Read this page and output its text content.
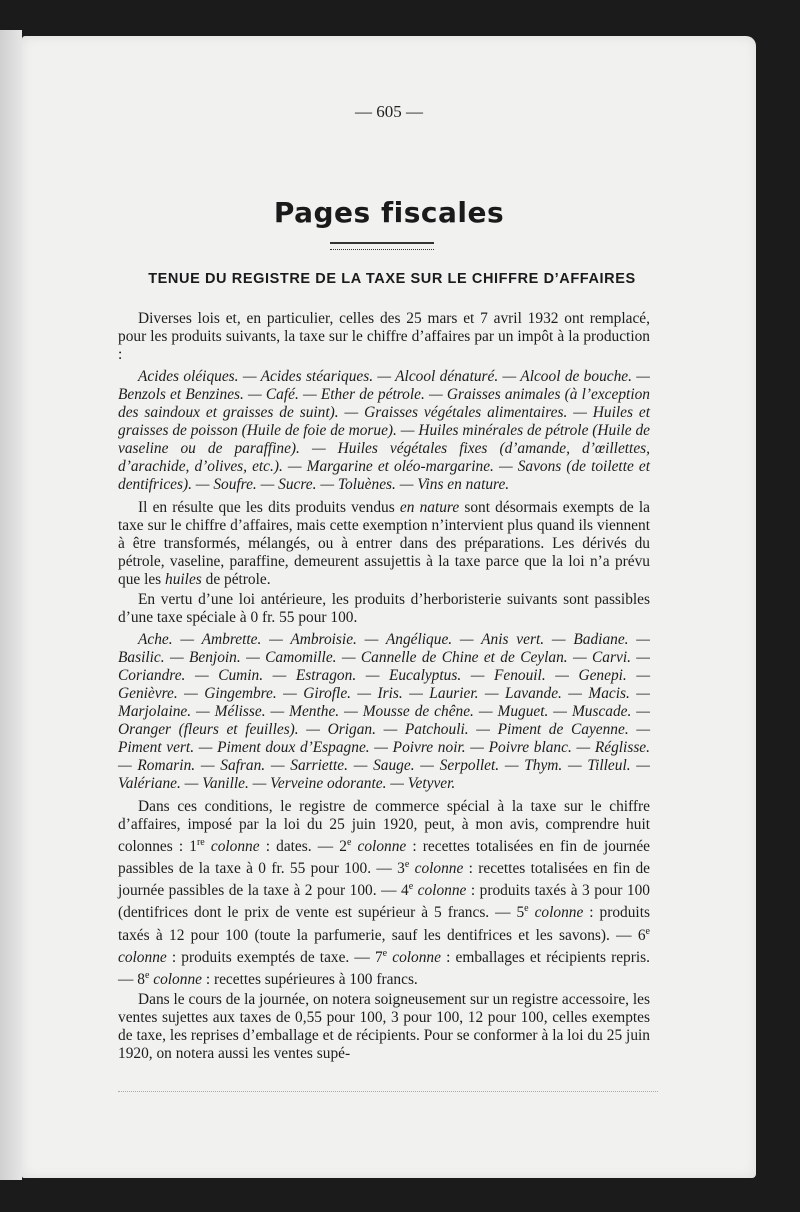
— 605 —
Pages fiscales
TENUE DU REGISTRE DE LA TAXE SUR LE CHIFFRE D’AFFAIRES

Diverses lois et, en particulier, celles des 25 mars et 7 avril 1932 ont remplacé, pour les produits suivants, la taxe sur le chiffre d’affaires par un impôt à la production :

Acides oléiques. — Acides stéariques. — Alcool dénaturé. — Alcool de bouche. — Benzols et Benzines. — Café. — Ether de pétrole. — Graisses animales (à l’exception des saindoux et graisses de suint). — Graisses végétales alimentaires. — Huiles et graisses de poisson (Huile de foie de morue). — Huiles minérales de pétrole (Huile de vaseline ou de paraffine). — Huiles végétales fixes (d’amande, d’œillettes, d’arachide, d’olives, etc.). — Margarine et oléo-margarine. — Savons (de toilette et dentifrices). — Soufre. — Sucre. — Toluènes. — Vins en nature.

Il en résulte que les dits produits vendus en nature sont désormais exempts de la taxe sur le chiffre d’affaires, mais cette exemption n’intervient plus quand ils viennent à être transformés, mélangés, ou à entrer dans des préparations. Les dérivés du pétrole, vaseline, paraffine, demeurent assujettis à la taxe parce que la loi n’a prévu que les huiles de pétrole.

En vertu d’une loi antérieure, les produits d’herboristerie suivants sont passibles d’une taxe spéciale à 0 fr. 55 pour 100.

Ache. — Ambrette. — Ambroisie. — Angélique. — Anis vert. — Badiane. — Basilic. — Benjoin. — Camomille. — Cannelle de Chine et de Ceylan. — Carvi. — Coriandre. — Cumin. — Estragon. — Eucalyptus. — Fenouil. — Genepi. — Genièvre. — Gingembre. — Girofle. — Iris. — Laurier. — Lavande. — Macis. — Marjolaine. — Mélisse. — Menthe. — Mousse de chêne. — Muguet. — Muscade. — Oranger (fleurs et feuilles). — Origan. — Patchouli. — Piment de Cayenne. — Piment vert. — Piment doux d’Espagne. — Poivre noir. — Poivre blanc. — Réglisse. — Romarin. — Safran. — Sarriette. — Sauge. — Serpollet. — Thym. — Tilleul. — Valériane. — Vanille. — Verveine odorante. — Vetyver.

Dans ces conditions, le registre de commerce spécial à la taxe sur le chiffre d’affaires, imposé par la loi du 25 juin 1920, peut, à mon avis, comprendre huit colonnes : 1re colonne : dates. — 2e colonne : recettes totalisées en fin de journée passibles de la taxe à 0 fr. 55 pour 100. — 3e colonne : recettes totalisées en fin de journée passibles de la taxe à 2 pour 100. — 4e colonne : produits taxés à 3 pour 100 (dentifrices dont le prix de vente est supérieur à 5 francs. — 5e colonne : produits taxés à 12 pour 100 (toute la parfumerie, sauf les dentifrices et les savons). — 6e colonne : produits exemptés de taxe. — 7e colonne : emballages et récipients repris. — 8e colonne : recettes supérieures à 100 francs.

Dans le cours de la journée, on notera soigneusement sur un registre accessoire, les ventes sujettes aux taxes de 0,55 pour 100, 3 pour 100, 12 pour 100, celles exemptes de taxe, les reprises d’emballage et de récipients. Pour se conformer à la loi du 25 juin 1920, on notera aussi les ventes supé-
